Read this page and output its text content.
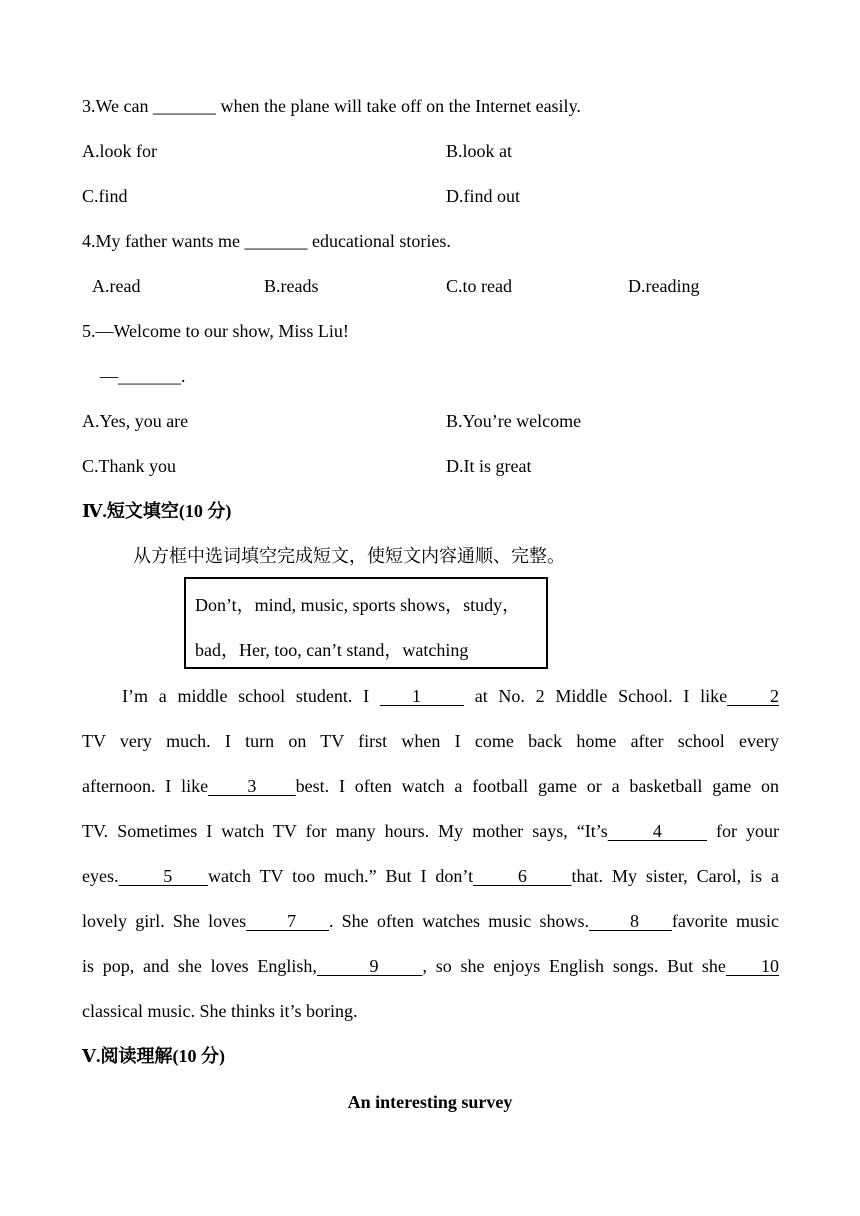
3.We can _______ when the plane will take off on the Internet easily.
A.look for	B.look at
C.find	D.find out
4.My father wants me _______ educational stories.
A.read	B.reads	C.to read	D.reading
5.—Welcome to our show, Miss Liu!
—_______.
A.Yes, you are	B.You’re welcome
C.Thank you	D.It is great
Ⅳ.短文填空(10 分)
从方框中选词填空完成短文，使短文内容通顺、完整。
Don’t，mind, music, sports shows，study，
bad，Her, too, can’t stand，watching
I’m a middle school student. I    1     at No. 2 Middle School. I like    2
TV very much. I turn on TV first when I come back home after school every
afternoon. I like    3    best. I often watch a football game or a basketball game on
TV. Sometimes I watch TV for many hours. My mother says, “It’s     4      for your
eyes.     5    watch TV too much.” But I don’t     6     that. My sister, Carol, is a
lovely girl. She loves     7    . She often watches music shows.     8    favorite music
is pop, and she loves English,      9     , so she enjoys English songs. But she    10
classical music. She thinks it’s boring.
Ⅴ.阅读理解(10 分)
An interesting survey
